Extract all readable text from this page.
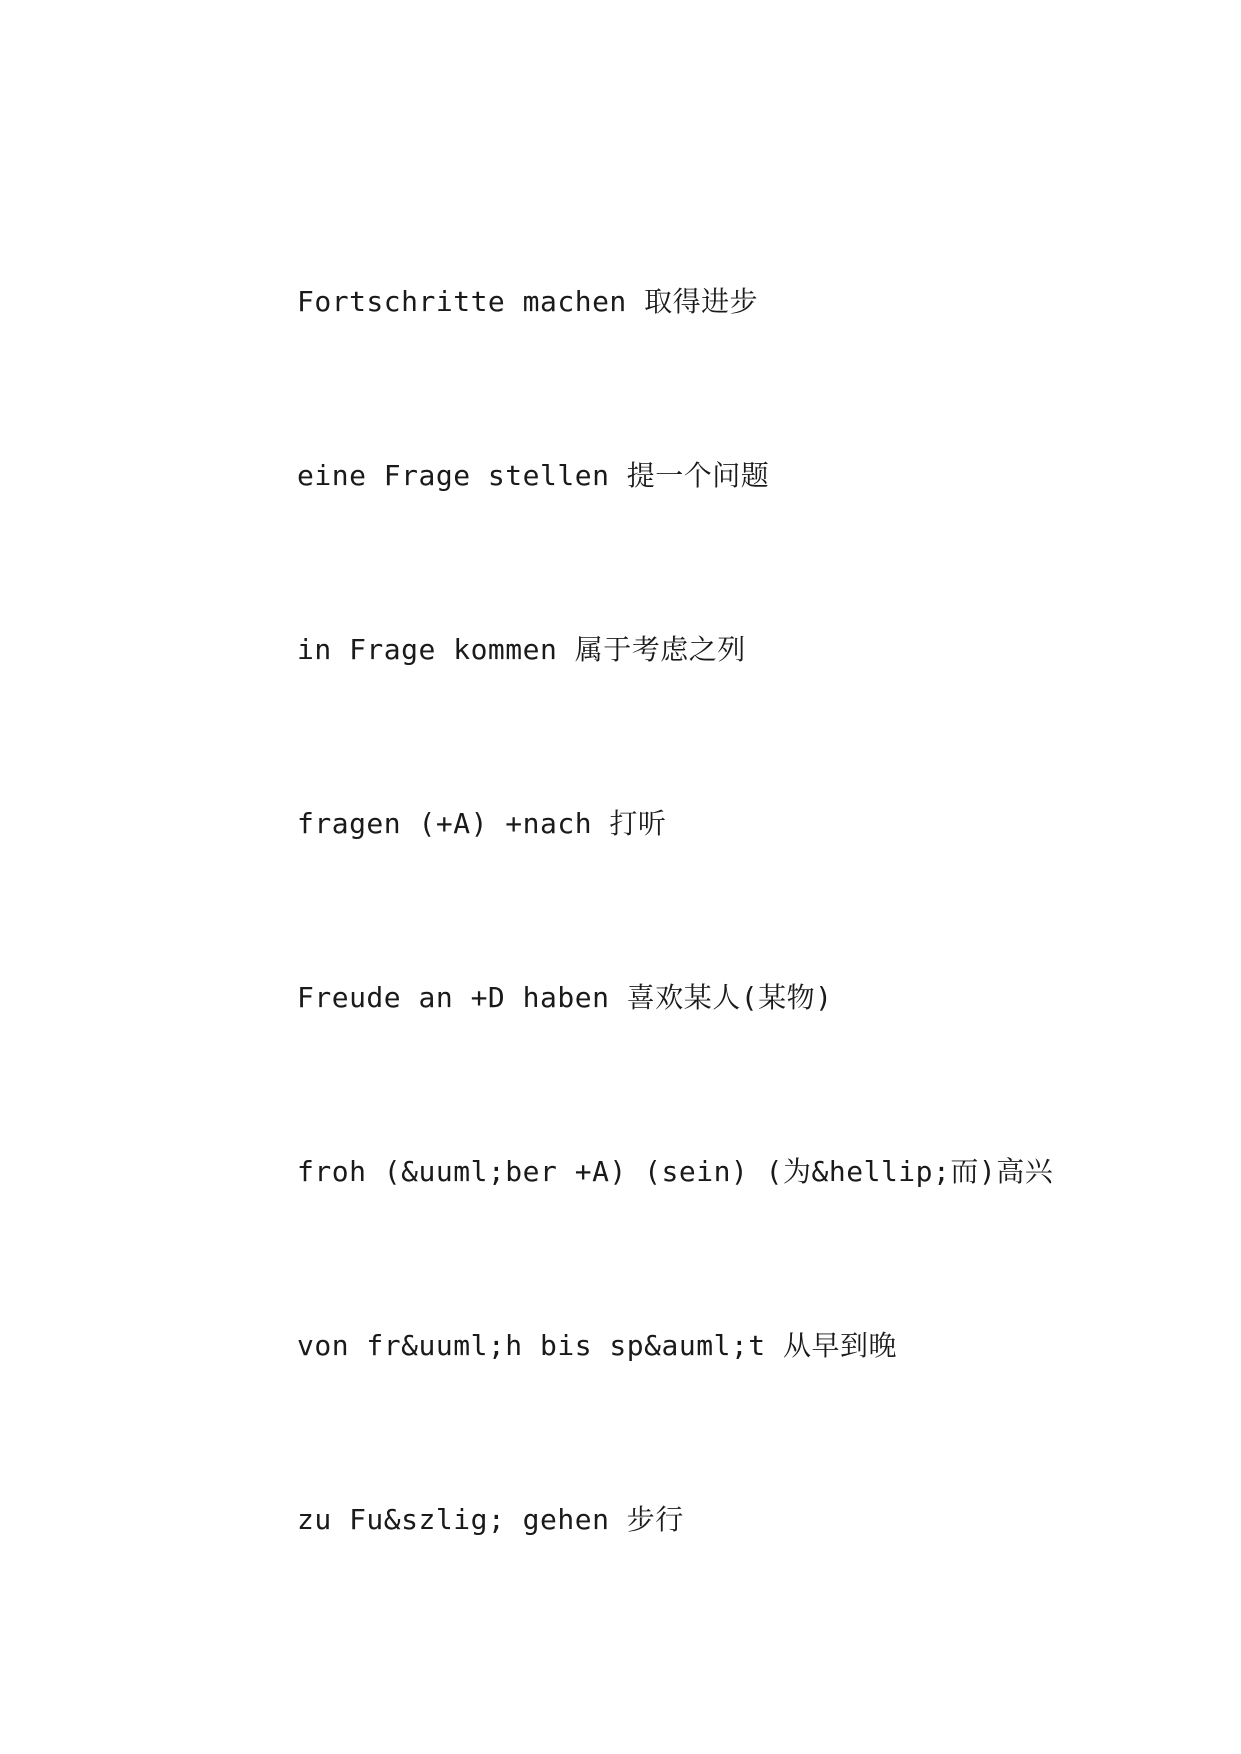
Fortschritte machen 取得进步
eine Frage stellen 提一个问题
in Frage kommen 属于考虑之列
fragen (+A) +nach 打听
Freude an +D haben 喜欢某人(某物)
froh (&uuml;ber +A) (sein) (为&hellip;而)高兴
von fr&uuml;h bis sp&auml;t 从早到晚
zu Fu&szlig; gehen 步行
